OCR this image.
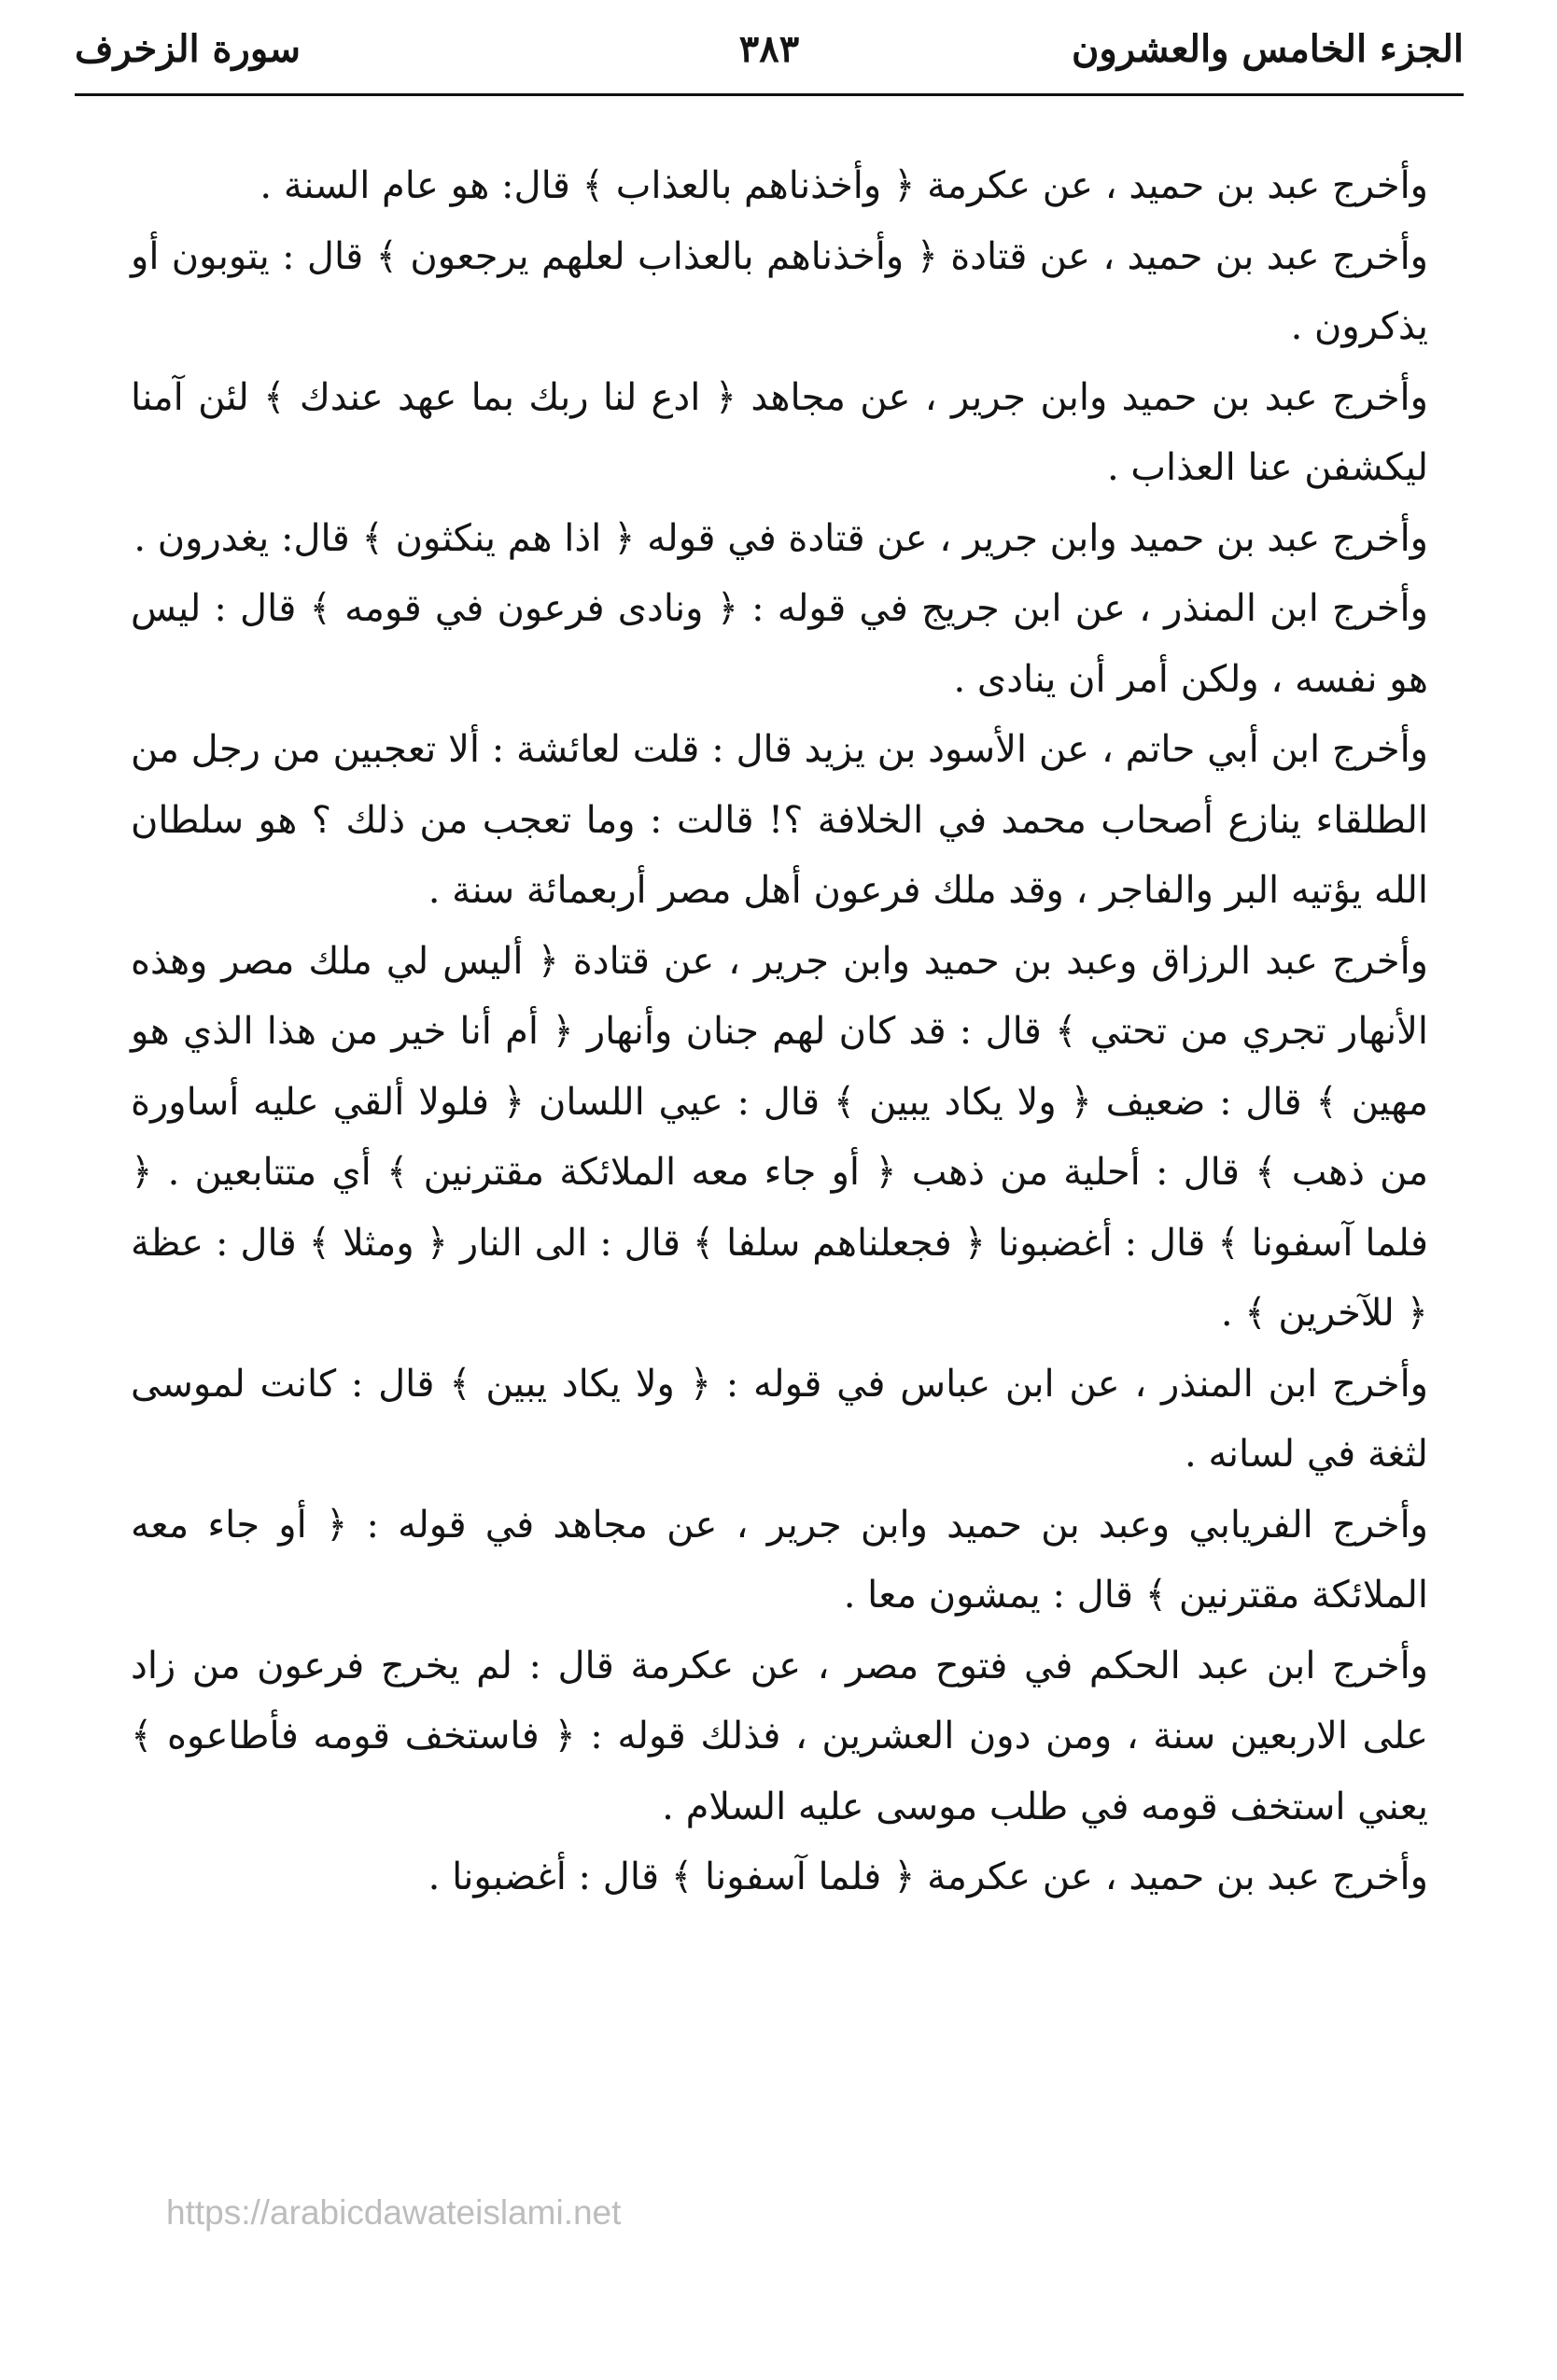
الجزء الخامس والعشرون
٣٨٣
سورة الزخرف

وأخرج عبد بن حميد ، عن عكرمة ﴿ وأخذناهم بالعذاب ﴾ قال: هو عام السنة .

وأخرج عبد بن حميد ، عن قتادة ﴿ وأخذناهم بالعذاب لعلهم يرجعون ﴾ قال : يتوبون أو يذكرون .

وأخرج عبد بن حميد وابن جرير ، عن مجاهد ﴿ ادع لنا ربك بما عهد عندك ﴾ لئن آمنا ليكشفن عنا العذاب .

وأخرج عبد بن حميد وابن جرير ، عن قتادة في قوله ﴿ اذا هم ينكثون ﴾ قال: يغدرون .

وأخرج ابن المنذر ، عن ابن جريج في قوله : ﴿ ونادى فرعون في قومه ﴾ قال : ليس هو نفسه ، ولكن أمر أن ينادى .

وأخرج ابن أبي حاتم ، عن الأسود بن يزيد قال : قلت لعائشة : ألا تعجبين من رجل من الطلقاء ينازع أصحاب محمد في الخلافة ؟! قالت : وما تعجب من ذلك ؟ هو سلطان الله يؤتيه البر والفاجر ، وقد ملك فرعون أهل مصر أربعمائة سنة .

وأخرج عبد الرزاق وعبد بن حميد وابن جرير ، عن قتادة ﴿ أليس لي ملك مصر وهذه الأنهار تجري من تحتي ﴾ قال : قد كان لهم جنان وأنهار ﴿ أم أنا خير من هذا الذي هو مهين ﴾ قال : ضعيف ﴿ ولا يكاد يبين ﴾ قال : عيي اللسان ﴿ فلولا ألقي عليه أساورة من ذهب ﴾ قال : أحلية من ذهب ﴿ أو جاء معه الملائكة مقترنين ﴾ أي متتابعين . ﴿ فلما آسفونا ﴾ قال : أغضبونا ﴿ فجعلناهم سلفا ﴾ قال : الى النار ﴿ ومثلا ﴾ قال : عظة ﴿ للآخرين ﴾ .

وأخرج ابن المنذر ، عن ابن عباس في قوله : ﴿ ولا يكاد يبين ﴾ قال : كانت لموسى لثغة في لسانه .

وأخرج الفريابي وعبد بن حميد وابن جرير ، عن مجاهد في قوله : ﴿ أو جاء معه الملائكة مقترنين ﴾ قال : يمشون معا .

وأخرج ابن عبد الحكم في فتوح مصر ، عن عكرمة قال : لم يخرج فرعون من زاد على الاربعين سنة ، ومن دون العشرين ، فذلك قوله : ﴿ فاستخف قومه فأطاعوه ﴾ يعني استخف قومه في طلب موسى عليه السلام .

وأخرج عبد بن حميد ، عن عكرمة ﴿ فلما آسفونا ﴾ قال : أغضبونا .

https://arabicdawateislami.net
